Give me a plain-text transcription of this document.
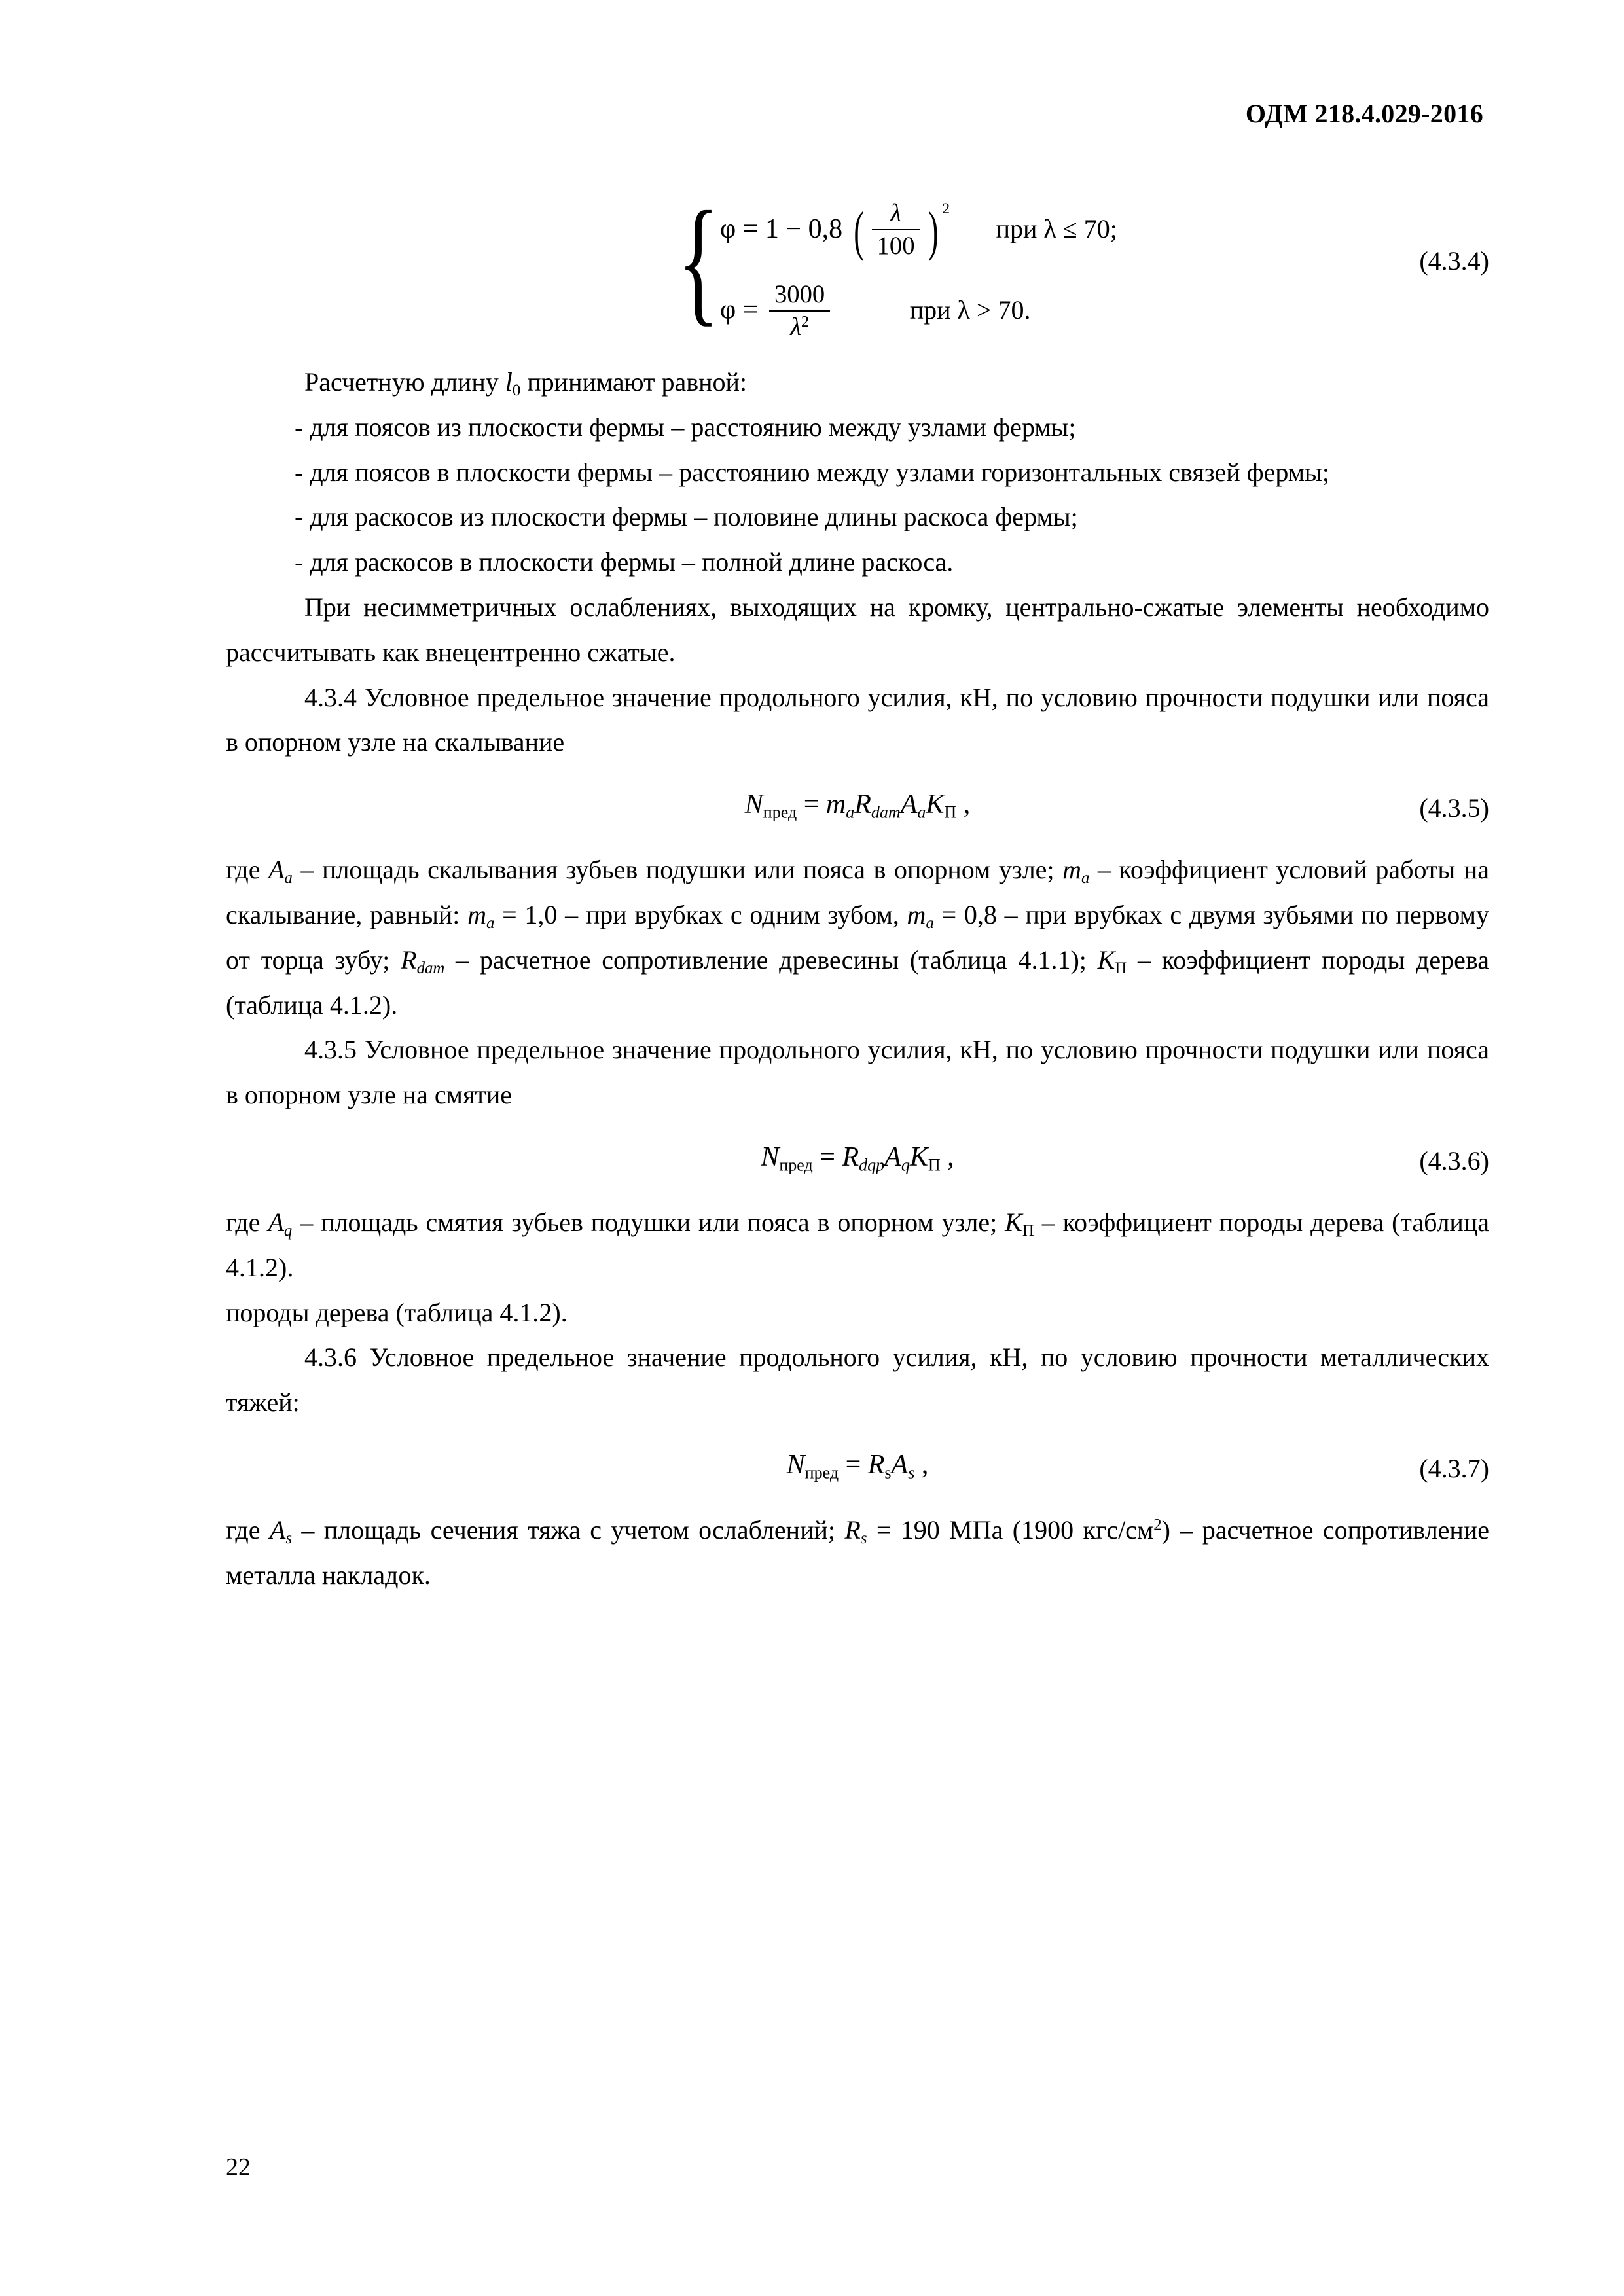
ОДМ 218.4.029-2016
{ φ = 1 − 0,8 ( $\frac{\lambda}{100}$ ) $^2$ при λ ≤ 70;
$\varphi = \frac{3000}{\lambda^2}$	при λ > 70.
(4.3.4)

Расчетную длину $l_0$ принимают равной:

- для поясов из плоскости фермы – расстоянию между узлами фермы;

- для поясов в плоскости фермы – расстоянию между узлами горизонтальных связей фермы;

- для раскосов из плоскости фермы – половине длины раскоса фермы;

- для раскосов в плоскости фермы – полной длине раскоса.

При несимметричных ослаблениях, выходящих на кромку, центрально-сжатые элементы необходимо рассчитывать как внецентренно сжатые.

4.3.4 Условное предельное значение продольного усилия, кН, по условию прочности подушки или пояса в опорном узле на скалывание

$N_{пред} = m_аR_{dam}A_aK_П$ ,	(4.3.5)

где $A_а$ – площадь скалывания зубьев подушки или пояса в опорном узле; $m_а$ – коэффициент условий работы на скалывание, равный: $m_а = 1,0$ – при врубках с одним зубом, $m_а = 0,8$ – при врубках с двумя зубьями по первому от торца зубу; $R_{dam}$ – расчетное сопротивление древесины (таблица 4.1.1); $K_П$ – коэффициент породы дерева (таблица 4.1.2).

4.3.5 Условное предельное значение продольного усилия, кН, по условию прочности подушки или пояса в опорном узле на смятие

$N_{пред} = R_{dqp}A_qK_П$ ,	(4.3.6)

где $A_q$ – площадь смятия зубьев подушки или пояса в опорном узле; $K_П$ – коэффициент породы дерева (таблица 4.1.2).

породы дерева (таблица 4.1.2).

4.3.6 Условное предельное значение продольного усилия, кН, по условию прочности металлических тяжей:

$N_{пред} = R_sA_s$ ,	(4.3.7)

где $A_s$ – площадь сечения тяжа с учетом ослаблений; $R_s = 190$ МПа (1900 кгс/$см^2$) – расчетное сопротивление металла накладок.

22
